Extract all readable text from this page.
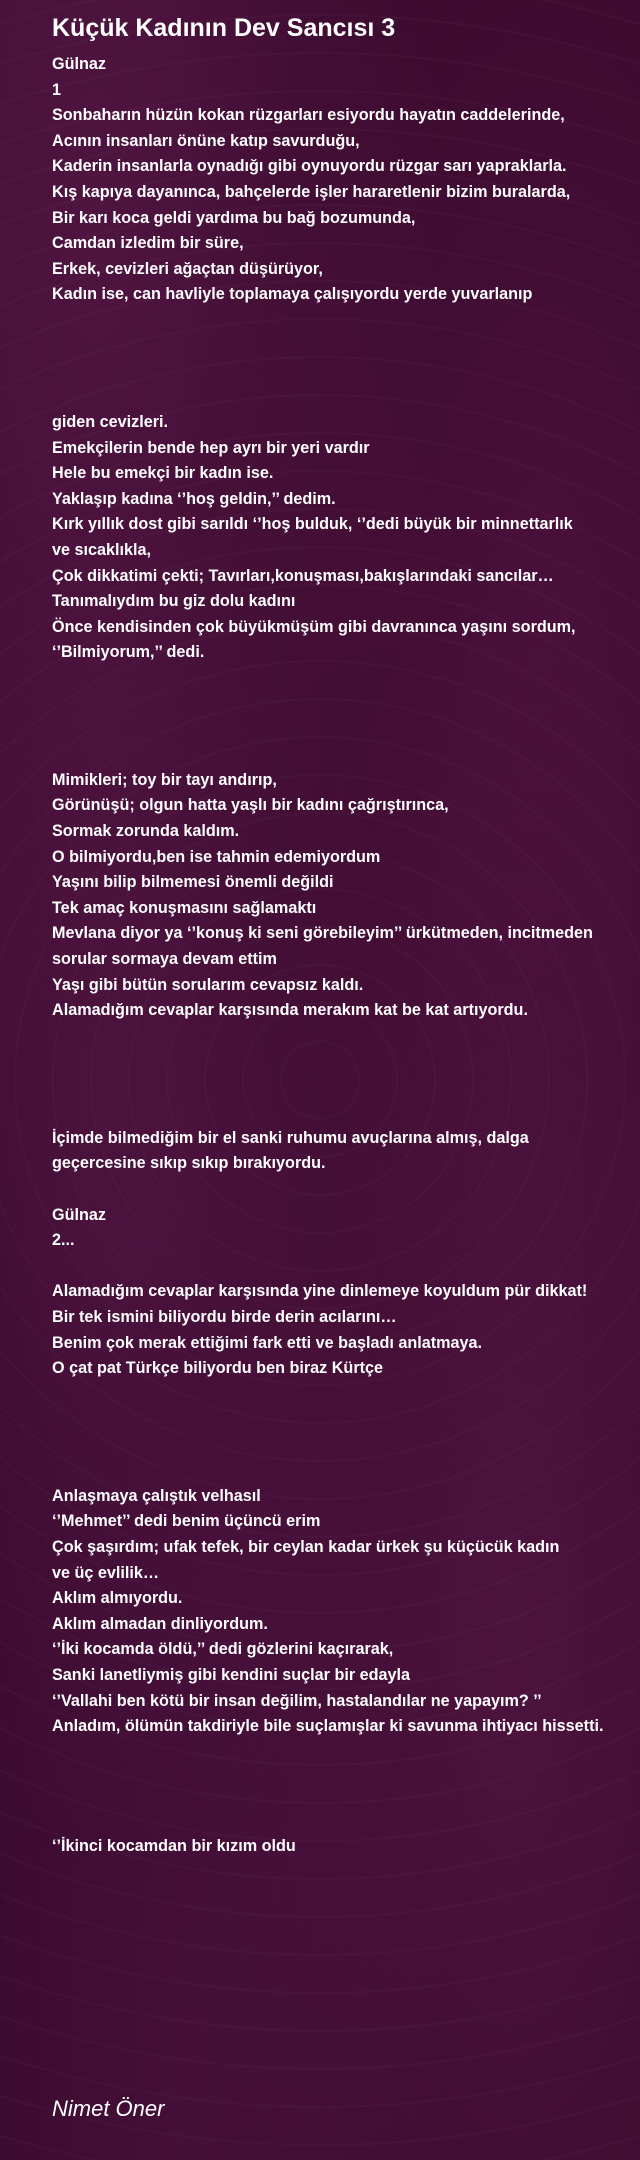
Küçük Kadının Dev Sancısı 3
Gülnaz
1
Sonbaharın hüzün kokan rüzgarları esiyordu hayatın caddelerinde,
Acının insanları önüne katıp savurduğu,
Kaderin insanlarla oynadığı gibi oynuyordu rüzgar sarı yapraklarla.
Kış kapıya dayanınca, bahçelerde işler hararetlenir bizim buralarda,
Bir karı koca geldi yardıma bu bağ bozumunda,
Camdan izledim bir süre,
Erkek, cevizleri ağaçtan düşürüyor,
Kadın ise, can havliyle toplamaya çalışıyordu yerde yuvarlanıp
giden cevizleri.
Emekçilerin bende hep ayrı bir yeri vardır
Hele bu emekçi bir kadın ise.
Yaklaşıp kadına ‘’hoş geldin,’’ dedim.
Kırk yıllık dost gibi sarıldı ‘’hoş bulduk, ‘’dedi büyük bir minnettarlık
ve sıcaklıkla,
Çok dikkatimi çekti; Tavırları,konuşması,bakışlarındaki sancılar…
Tanımalıydım bu giz dolu kadını
Önce kendisinden çok büyükmüşüm gibi davranınca yaşını sordum,
‘’Bilmiyorum,’’ dedi.
Mimikleri; toy bir tayı andırıp,
Görünüşü; olgun hatta yaşlı bir kadını çağrıştırınca,
Sormak zorunda kaldım.
O bilmiyordu,ben ise tahmin edemiyordum
Yaşını bilip bilmemesi önemli değildi
Tek amaç konuşmasını sağlamaktı
Mevlana diyor ya ‘’konuş ki seni görebileyim’’ ürkütmeden, incitmeden
sorular sormaya devam ettim
Yaşı gibi bütün sorularım cevapsız kaldı.
Alamadığım cevaplar karşısında merakım kat be kat artıyordu.
İçimde bilmediğim bir el sanki ruhumu avuçlarına almış, dalga
geçercesine sıkıp sıkıp bırakıyordu.
Gülnaz
2...
Alamadığım cevaplar karşısında yine dinlemeye koyuldum pür dikkat!
Bir tek ismini biliyordu birde derin acılarını…
Benim çok merak ettiğimi fark etti ve başladı anlatmaya.
O çat pat Türkçe biliyordu ben biraz Kürtçe
Anlaşmaya çalıştık velhasıl
‘’Mehmet’’ dedi benim üçüncü erim
Çok şaşırdım; ufak tefek, bir ceylan kadar ürkek şu küçücük kadın
ve üç evlilik…
Aklım almıyordu.
Aklım almadan dinliyordum.
‘’İki kocamda öldü,’’ dedi gözlerini kaçırarak,
Sanki lanetliymiş gibi kendini suçlar bir edayla
‘’Vallahi ben kötü bir insan değilim, hastalandılar ne yapayım? ’’
Anladım, ölümün takdiriyle bile suçlamışlar ki savunma ihtiyacı hissetti.
‘’İkinci kocamdan bir kızım oldu
Nimet Öner
